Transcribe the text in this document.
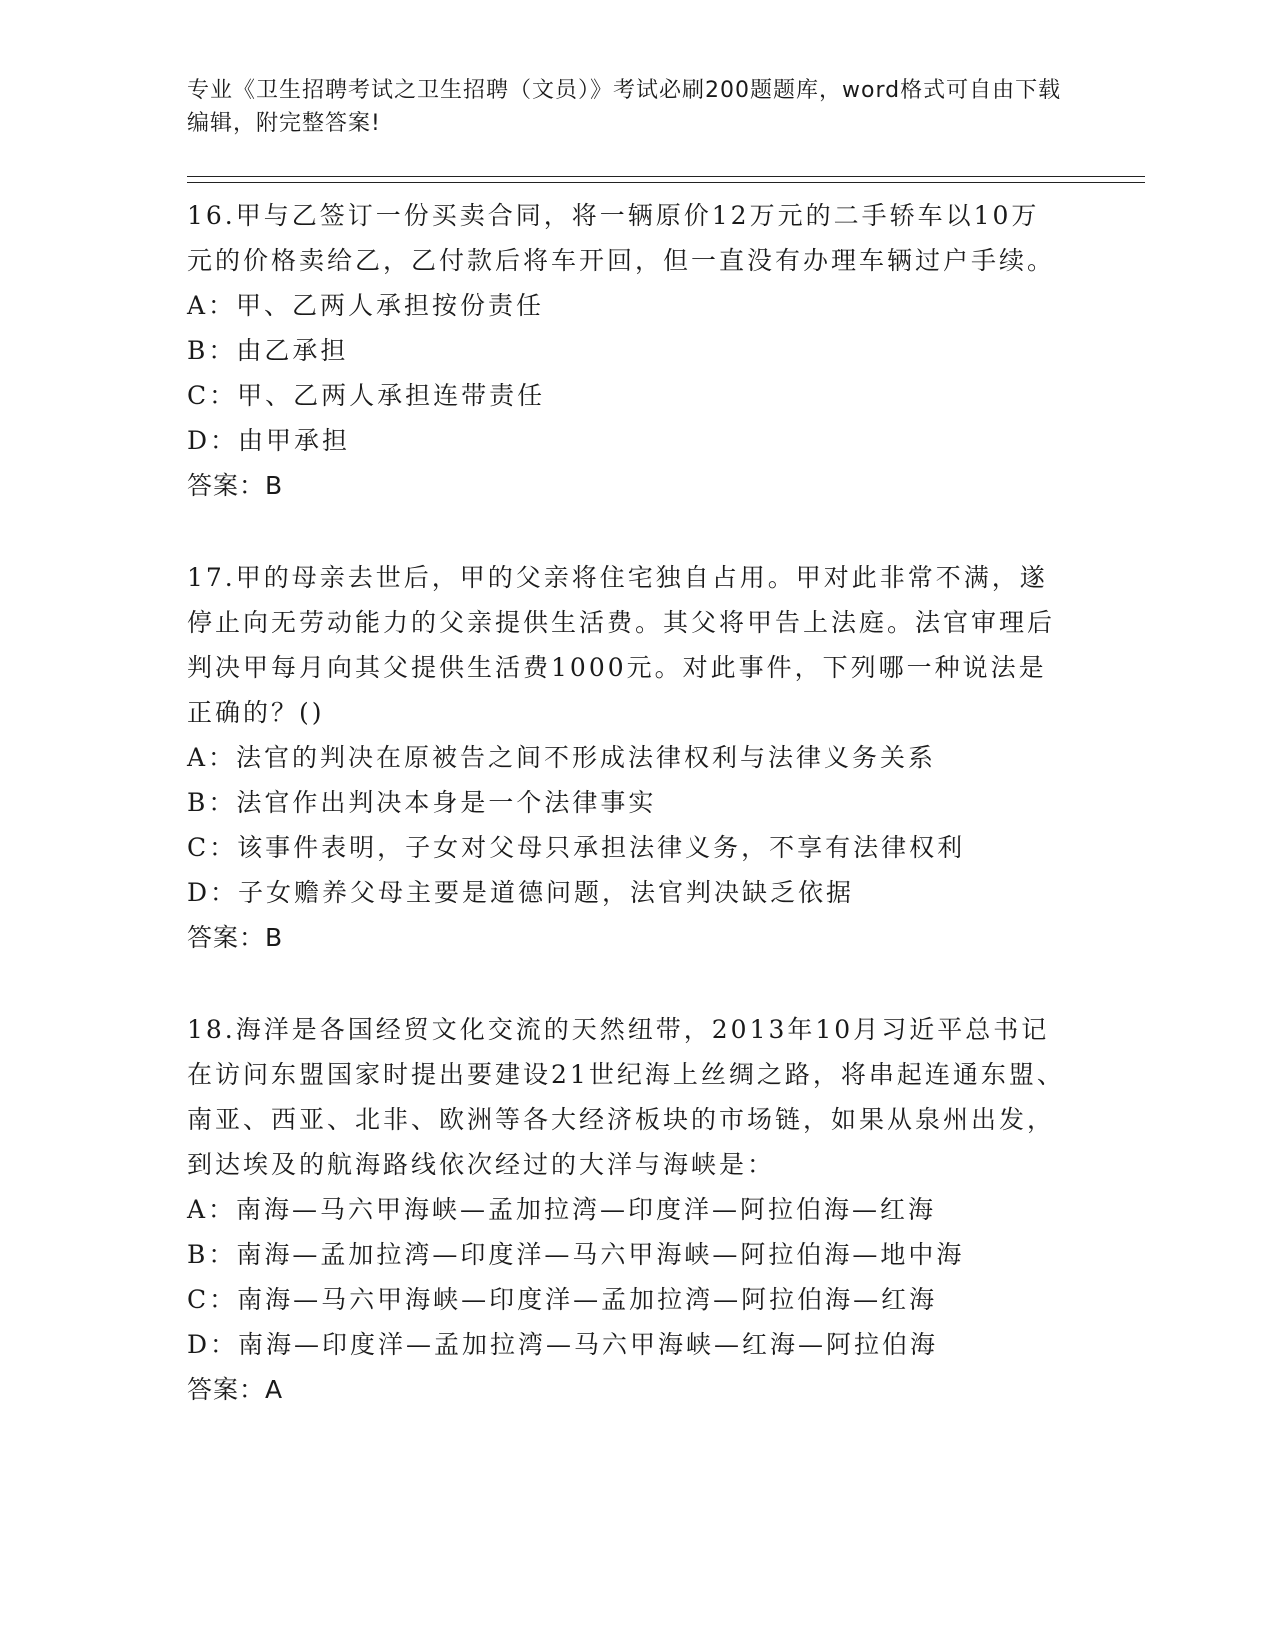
专业《卫生招聘考试之卫生招聘（文员）》考试必刷200题题库，word格式可自由下载编辑，附完整答案!

16.甲与乙签订一份买卖合同，将一辆原价12万元的二手轿车以10万元的价格卖给乙，乙付款后将车开回，但一直没有办理车辆过户手续。

A：甲、乙两人承担按份责任

B：由乙承担

C：甲、乙两人承担连带责任

D：由甲承担

答案：B

17.甲的母亲去世后，甲的父亲将住宅独自占用。甲对此非常不满，遂停止向无劳动能力的父亲提供生活费。其父将甲告上法庭。法官审理后判决甲每月向其父提供生活费1000元。对此事件，下列哪一种说法是正确的？()

A：法官的判决在原被告之间不形成法律权利与法律义务关系

B：法官作出判决本身是一个法律事实

C：该事件表明，子女对父母只承担法律义务，不享有法律权利

D：子女赡养父母主要是道德问题，法官判决缺乏依据

答案：B

18.海洋是各国经贸文化交流的天然纽带，2013年10月习近平总书记在访问东盟国家时提出要建设21世纪海上丝绸之路，将串起连通东盟、南亚、西亚、北非、欧洲等各大经济板块的市场链，如果从泉州出发，到达埃及的航海路线依次经过的大洋与海峡是：

A：南海—马六甲海峡—孟加拉湾—印度洋—阿拉伯海—红海

B：南海—孟加拉湾—印度洋—马六甲海峡—阿拉伯海—地中海

C：南海—马六甲海峡—印度洋—孟加拉湾—阿拉伯海—红海

D：南海—印度洋—孟加拉湾—马六甲海峡—红海—阿拉伯海

答案：A
